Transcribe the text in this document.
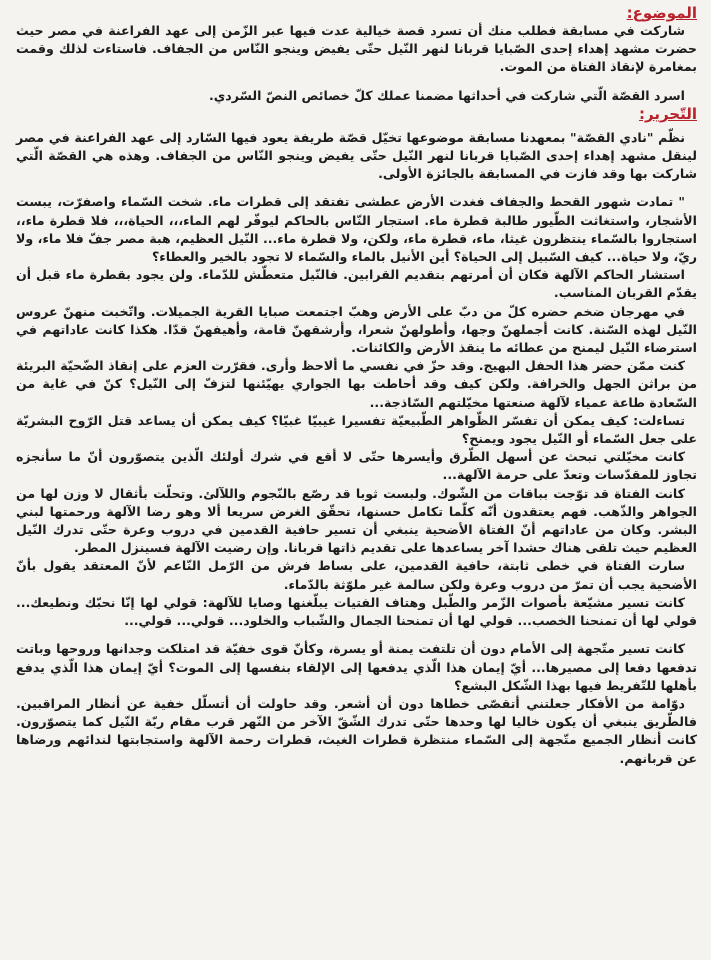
الموضوع:

شاركت في مسابقة فطلب منك أن تسرد قصة خيالية عدت فيها عبر الزّمن إلى عهد الفراعنة في مصر حيث حضرت مشهد إهداء إحدى الصّبايا قربانا لنهر النّيل حتّى يفيض وينجو النّاس من الجفاف. فاستاءت لذلك وقمت بمغامرة لإنقاذ الفتاة من الموت.

اسرد القصّة الّتي شاركت في أحداثها مضمنا عملك كلّ خصائص النصّ السّردي.

التّحرير:

نظّم "نادي القصّة" بمعهدنا مسابقة موضوعها تخيّل قصّة طريفة يعود فيها السّارد إلى عهد الفراعنة في مصر لينقل مشهد إهداء إحدى الصّبايا قربانا لنهر النّيل حتّى يفيض وينجو النّاس من الجفاف. وهذه هي القصّة الّتي شاركت بها وقد فازت في المسابقة بالجائزة الأولى.

" تمادت شهور القحط والجفاف فغدت الأرض عطشى تفتقد إلى قطرات ماء. شخت السّماء واصفرّت، يبست الأشجار، واستغاثت الطّيور طالبة قطرة ماء. استجار النّاس بالحاكم ليوفّر لهم الماء،،، الحياة،،، فلا قطرة ماء،، استجاروا بالسّماء ينتظرون غيثا، ماء، قطرة ماء، ولكن، ولا قطرة ماء... النّيل العظيم، هبة مصر جفّ فلا ماء، ولا ريّ، ولا حياة... كيف السّبيل إلى الحياة؟ أين الأنيل بالماء والسّماء لا تجود بالخير والعطاء؟

استشار الحاكم الآلهة فكان أن أمرتهم بتقديم القرابين. فالنّيل متعطّش للدّماء. ولن يجود بقطرة ماء قبل أن يقدّم القربان المناسب.

في مهرجان ضخم حضره كلّ من دبّ على الأرض وهبّ اجتمعت صبايا القرية الجميلات. واتّخبت منهنّ عروس النّيل لهذه السّنة. كانت أجملهنّ وجها، وأطولهنّ شعرا، وأرشقهنّ قامة، وأهيفهنّ قدّا. هكذا كانت عاداتهم في استرضاء النّيل ليمنح من عطائه ما ينقذ الأرض والكائنات.

كنت ممّن حضر هذا الحفل البهيج. وقد حزّ في نفسي ما ألاحظ وأرى. فقرّرت العزم على إنقاذ الضّحيّة البريئة من براثن الجهل والخرافة. ولكن كيف وقد أحاطت بها الجواري يهيّئنها لتزفّ إلى النّيل؟ كنّ في غاية من السّعادة طاعة عمياء لآلهة صنعتها مخيّلتهم السّاذجة...

تساءلت: كيف يمكن أن تفسّر الظّواهر الطّبيعيّة تفسيرا غيبيّا غبيّا؟ كيف يمكن أن يساعد قتل الرّوح البشريّة على جعل السّماء أو النّيل يجود ويمنح؟

كانت مخيّلتي تبحث عن أسهل الطّرق وأيسرها حتّى لا أقع في شرك أولئك الّذين يتصوّرون أنّ ما سأنجزه تجاوز للمقدّسات وتعدّ على حرمة الآلهة...

كانت الفتاة قد توّجت بباقات من الشّوك. ولبست ثوبا قد رصّع بالنّجوم واللآلئ. وتحلّت بأثقال لا وزن لها من الجواهر والذّهب. فهم يعتقدون أنّه كلّما تكامل حسنها، تحقّق الغرض سريعا ألا وهو رضا الآلهة ورحمتها لبني البشر. وكان من عاداتهم أنّ الفتاة الأضحية ينبغي أن تسير حافية القدمين في دروب وعرة حتّى تدرك النّيل العظيم حيث تلقى هناك حشدا آخر يساعدها على تقديم ذاتها قربانا. وإن رضيت الآلهة فسينزل المطر.

سارت الفتاة في خطى ثابتة، حافية القدمين، على بساط فرش من الرّمل النّاعم لأنّ المعتقد يقول بأنّ الأضحية يجب أن تمرّ من دروب وعرة ولكن سالمة غير ملوّثة بالدّماء.

كانت تسير مشيّعة بأصوات الزّمر والطّبل وهتاف الفتيات يبلّغنها وصايا للآلهة: قولي لها إنّا نحبّك ونطيعك... قولي لها أن تمنحنا الخصب... قولي لها أن تمنحنا الجمال والشّباب والخلود... قولي... قولي...

كانت تسير متّجهة إلى الأمام دون أن تلتفت يمنة أو يسرة، وكأنّ قوى خفيّة قد امتلكت وجدانها وروحها وباتت تدفعها دفعا إلى مصيرها... أيّ إيمان هذا الّذي يدفعها إلى الإلقاء بنفسها إلى الموت؟ أيّ إيمان هذا الّذي يدفع بأهلها للتّفريط فيها بهذا الشّكل البشع؟

دوّامة من الأفكار جعلتني أتقصّى خطاها دون أن أشعر. وقد حاولت أن أتسلّل خفية عن أنظار المراقبين. فالطّريق ينبغي أن يكون خاليا لها وحدها حتّى تدرك الشّقّ الآخر من النّهر قرب مقام ربّة النّيل كما يتصوّرون. كانت أنظار الجميع متّجهة إلى السّماء منتظرة قطرات الغيث، قطرات رحمة الآلهة واستجابتها لندائهم ورضاها عن قربانهم.
